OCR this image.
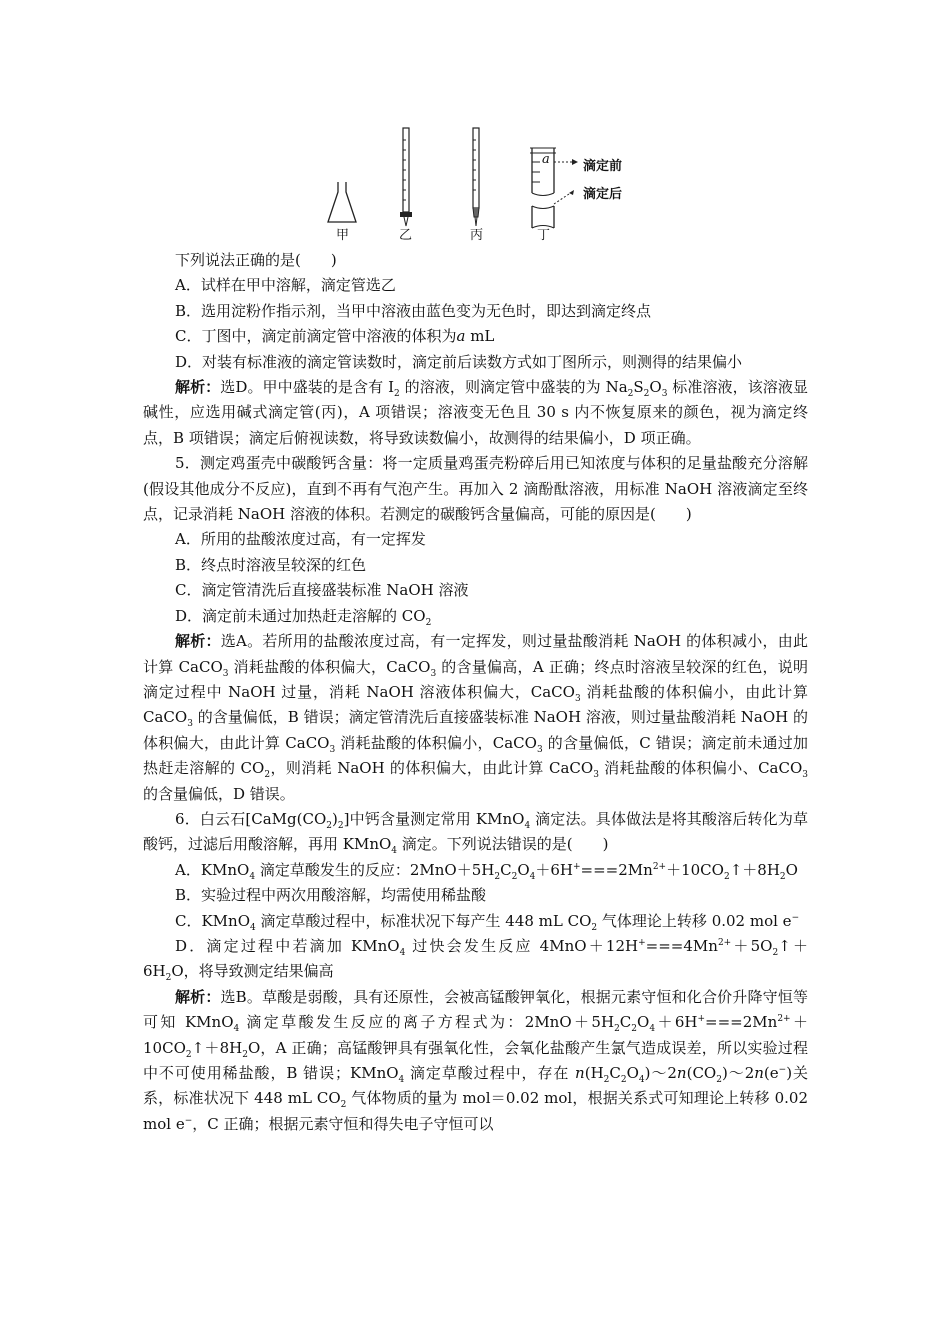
a	滴定前
滴定后
甲	乙	丙	丁

下列说法正确的是(　　)

A．试样在甲中溶解，滴定管选乙

B．选用淀粉作指示剂，当甲中溶液由蓝色变为无色时，即达到滴定终点

C．丁图中，滴定前滴定管中溶液的体积为a mL

D．对装有标准液的滴定管读数时，滴定前后读数方式如丁图所示，则测得的结果偏小

解析：选D。甲中盛装的是含有 $I_2$ 的溶液，则滴定管中盛装的为 $Na_2S_2O_3$ 标准溶液，该溶液显碱性，应选用碱式滴定管(丙)，A 项错误；溶液变无色且 30 s 内不恢复原来的颜色，视为滴定终点，B 项错误；滴定后俯视读数，将导致读数偏小，故测得的结果偏小，D 项正确。

5．测定鸡蛋壳中碳酸钙含量：将一定质量鸡蛋壳粉碎后用已知浓度与体积的足量盐酸充分溶解(假设其他成分不反应)，直到不再有气泡产生。再加入 2 滴酚酞溶液，用标准 NaOH 溶液滴定至终点，记录消耗 NaOH 溶液的体积。若测定的碳酸钙含量偏高，可能的原因是(　　)

A．所用的盐酸浓度过高，有一定挥发

B．终点时溶液呈较深的红色

C．滴定管清洗后直接盛装标准 NaOH 溶液

D．滴定前未通过加热赶走溶解的 $CO_2$

解析：选A。若所用的盐酸浓度过高，有一定挥发，则过量盐酸消耗 NaOH 的体积减小，由此计算 CaCO$_3$ 消耗盐酸的体积偏大，CaCO$_3$ 的含量偏高，A 正确；终点时溶液呈较深的红色，说明滴定过程中 NaOH 过量，消耗 NaOH 溶液体积偏大，CaCO$_3$ 消耗盐酸的体积偏小，由此计算 CaCO$_3$ 的含量偏低，B 错误；滴定管清洗后直接盛装标准 NaOH 溶液，则过量盐酸消耗 NaOH 的体积偏大，由此计算 CaCO$_3$ 消耗盐酸的体积偏小，CaCO$_3$ 的含量偏低，C 错误；滴定前未通过加热赶走溶解的 $CO_2$，则消耗 NaOH 的体积偏大，由此计算 CaCO$_3$ 消耗盐酸的体积偏小、CaCO$_3$ 的含量偏低，D 错误。

6．白云石$[CaMg(CO_2)_2]$中钙含量测定常用 KMnO$_4$ 滴定法。具体做法是将其酸溶后转化为草酸钙，过滤后用酸溶解，再用 KMnO$_4$ 滴定。下列说法错误的是(　　)

A．KMnO$_4$ 滴定草酸发生的反应：$2MnO+5H_2C_2O_4+6H^+===2Mn^{2+}+10CO_2↑+8H_2O$

B．实验过程中两次用酸溶解，均需使用稀盐酸

C．KMnO$_4$ 滴定草酸过程中，标准状况下每产生 448 mL $CO_2$ 气体理论上转移 0.02 mol e−

D．滴定过程中若滴加 KMnO$_4$ 过快会发生反应 $4MnO+12H^+===4Mn^{2+}+5O_2↑+6H_2O$，将导致测定结果偏高

解析：选B。草酸是弱酸，具有还原性，会被高锰酸钾氧化，根据元素守恒和化合价升降守恒等可知 KMnO$_4$ 滴定草酸发生反应的离子方程式为：$2MnO+5H_2C_2O_4+6H^+===2Mn^{2+}+10CO_2↑+8H_2O$，A 正确；高锰酸钾具有强氧化性，会氧化盐酸产生氯气造成误差，所以实验过程中不可使用稀盐酸，B 错误；KMnO$_4$ 滴定草酸过程中，存在 $n(H_2C_2O_4)\sim 2n(CO_2)\sim 2n(e^-)$关系，标准状况下 448 mL $CO_2$ 气体物质的量为 mol＝0.02 mol，根据关系式可知理论上转移 0.02 mol e−，C 正确；根据元素守恒和得失电子守恒可以
